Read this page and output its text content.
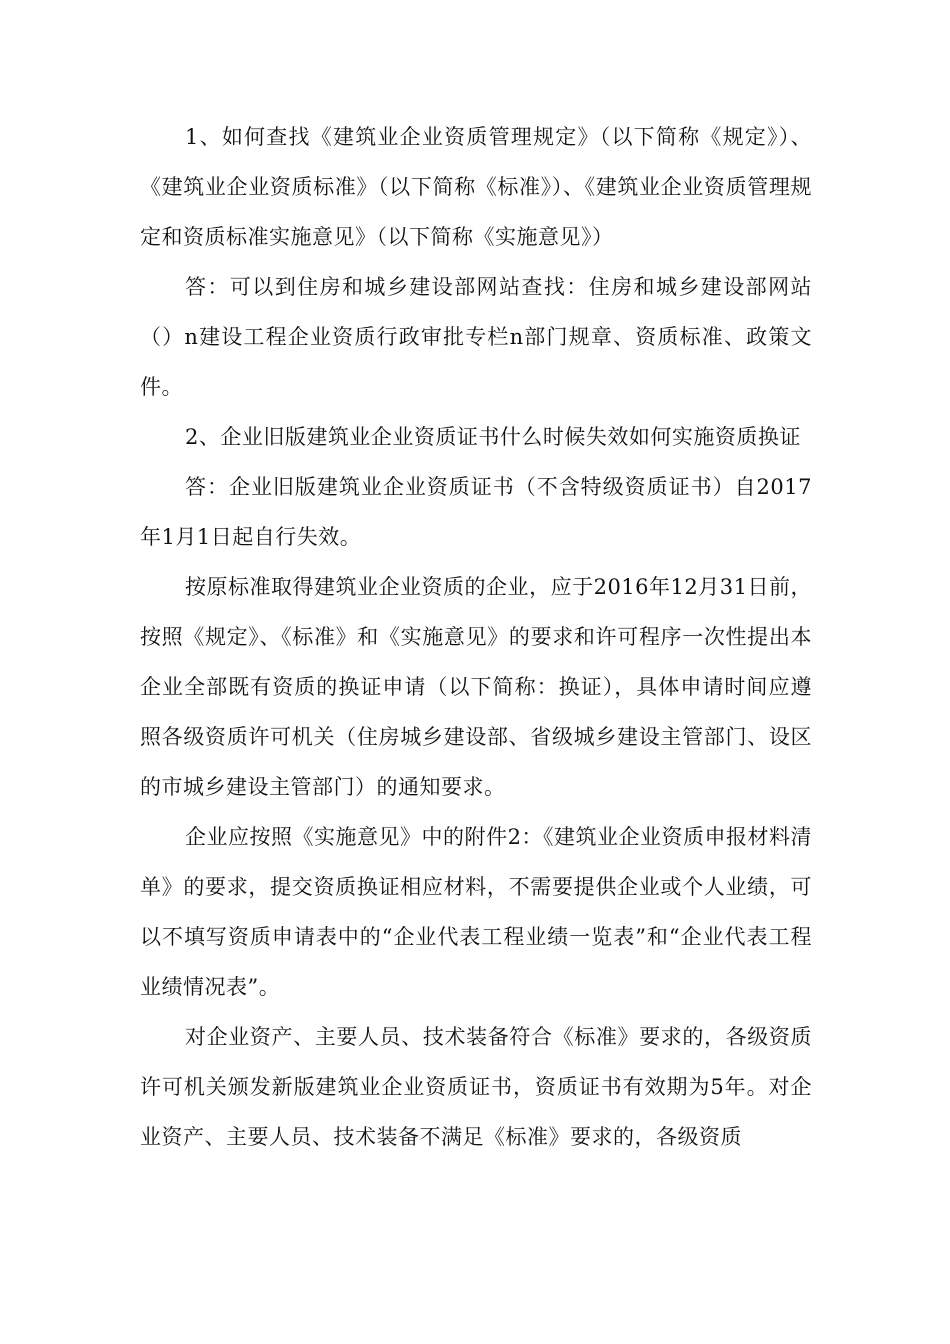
1、如何查找《建筑业企业资质管理规定》（以下简称《规定》）、《建筑业企业资质标准》（以下简称《标准》）、《建筑业企业资质管理规定和资质标准实施意见》（以下简称《实施意见》）

答：可以到住房和城乡建设部网站查找：住房和城乡建设部网站（）n建设工程企业资质行政审批专栏n部门规章、资质标准、政策文件。

2、企业旧版建筑业企业资质证书什么时候失效如何实施资质换证

答：企业旧版建筑业企业资质证书（不含特级资质证书）自2017年1月1日起自行失效。

按原标准取得建筑业企业资质的企业，应于2016年12月31日前，按照《规定》、《标准》和《实施意见》的要求和许可程序一次性提出本企业全部既有资质的换证申请（以下简称：换证），具体申请时间应遵照各级资质许可机关（住房城乡建设部、省级城乡建设主管部门、设区的市城乡建设主管部门）的通知要求。

企业应按照《实施意见》中的附件2：《建筑业企业资质申报材料清单》的要求，提交资质换证相应材料，不需要提供企业或个人业绩，可以不填写资质申请表中的“企业代表工程业绩一览表”和“企业代表工程业绩情况表”。

对企业资产、主要人员、技术装备符合《标准》要求的，各级资质许可机关颁发新版建筑业企业资质证书，资质证书有效期为5年。对企业资产、主要人员、技术装备不满足《标准》要求的，各级资质
